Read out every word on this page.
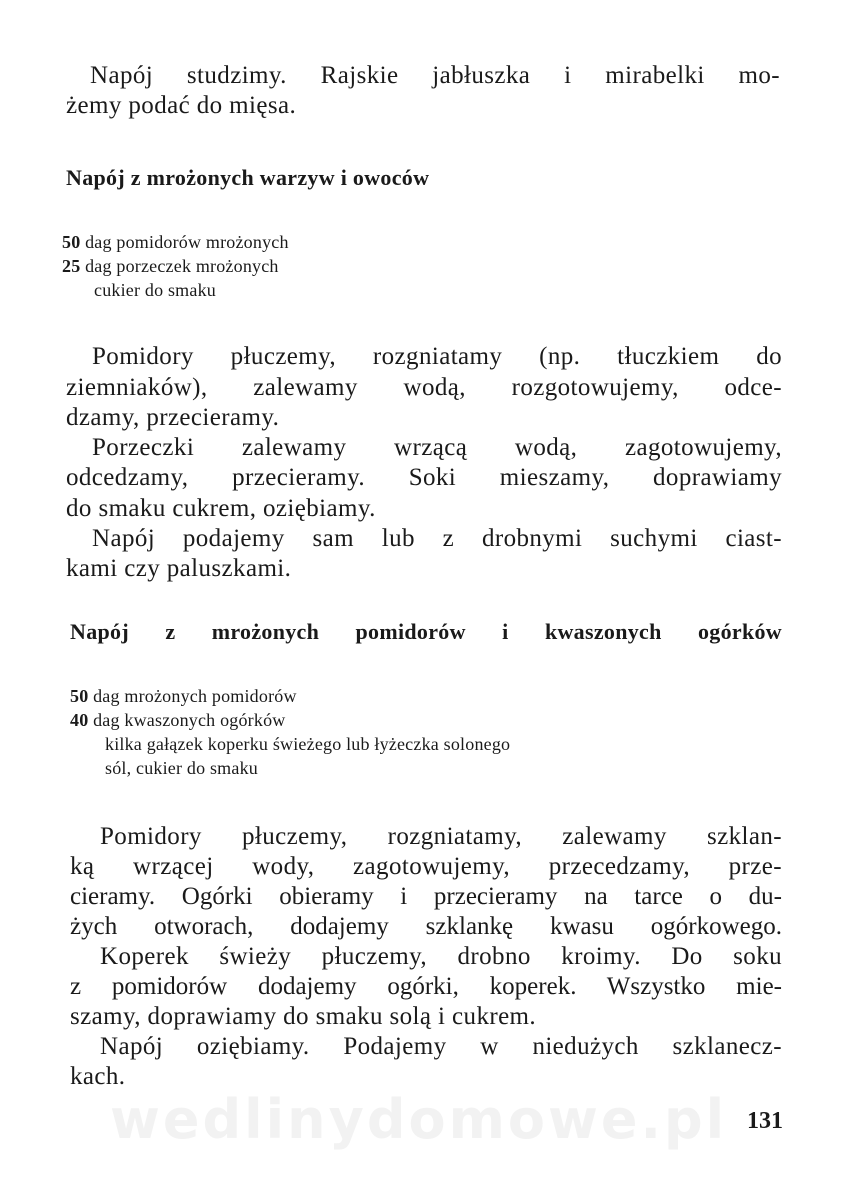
Napój studzimy. Rajskie jabłuszka i mirabelki mo-
żemy podać do mięsa.
Napój z mrożonych warzyw i owoców
50 dag pomidorów mrożonych
25 dag porzeczek mrożonych
cukier do smaku
Pomidory płuczemy, rozgniatamy (np. tłuczkiem do
ziemniaków), zalewamy wodą, rozgotowujemy, odce-
dzamy, przecieramy.
Porzeczki zalewamy wrzącą wodą, zagotowujemy,
odcedzamy, przecieramy. Soki mieszamy, doprawiamy
do smaku cukrem, oziębiamy.
Napój podajemy sam lub z drobnymi suchymi ciast-
kami czy paluszkami.
Napój z mrożonych pomidorów i kwaszonych ogórków
50 dag mrożonych pomidorów
40 dag kwaszonych ogórków
kilka gałązek koperku świeżego lub łyżeczka solonego
sól, cukier do smaku
Pomidory płuczemy, rozgniatamy, zalewamy szklan-
ką wrzącej wody, zagotowujemy, przecedzamy, prze-
cieramy. Ogórki obieramy i przecieramy na tarce o du-
żych otworach, dodajemy szklankę kwasu ogórkowego.
Koperek świeży płuczemy, drobno kroimy. Do soku
z pomidorów dodajemy ogórki, koperek. Wszystko mie-
szamy, doprawiamy do smaku solą i cukrem.
Napój oziębiamy. Podajemy w niedużych szklanecz-
kach.
wedlinydomowe.pl 131
